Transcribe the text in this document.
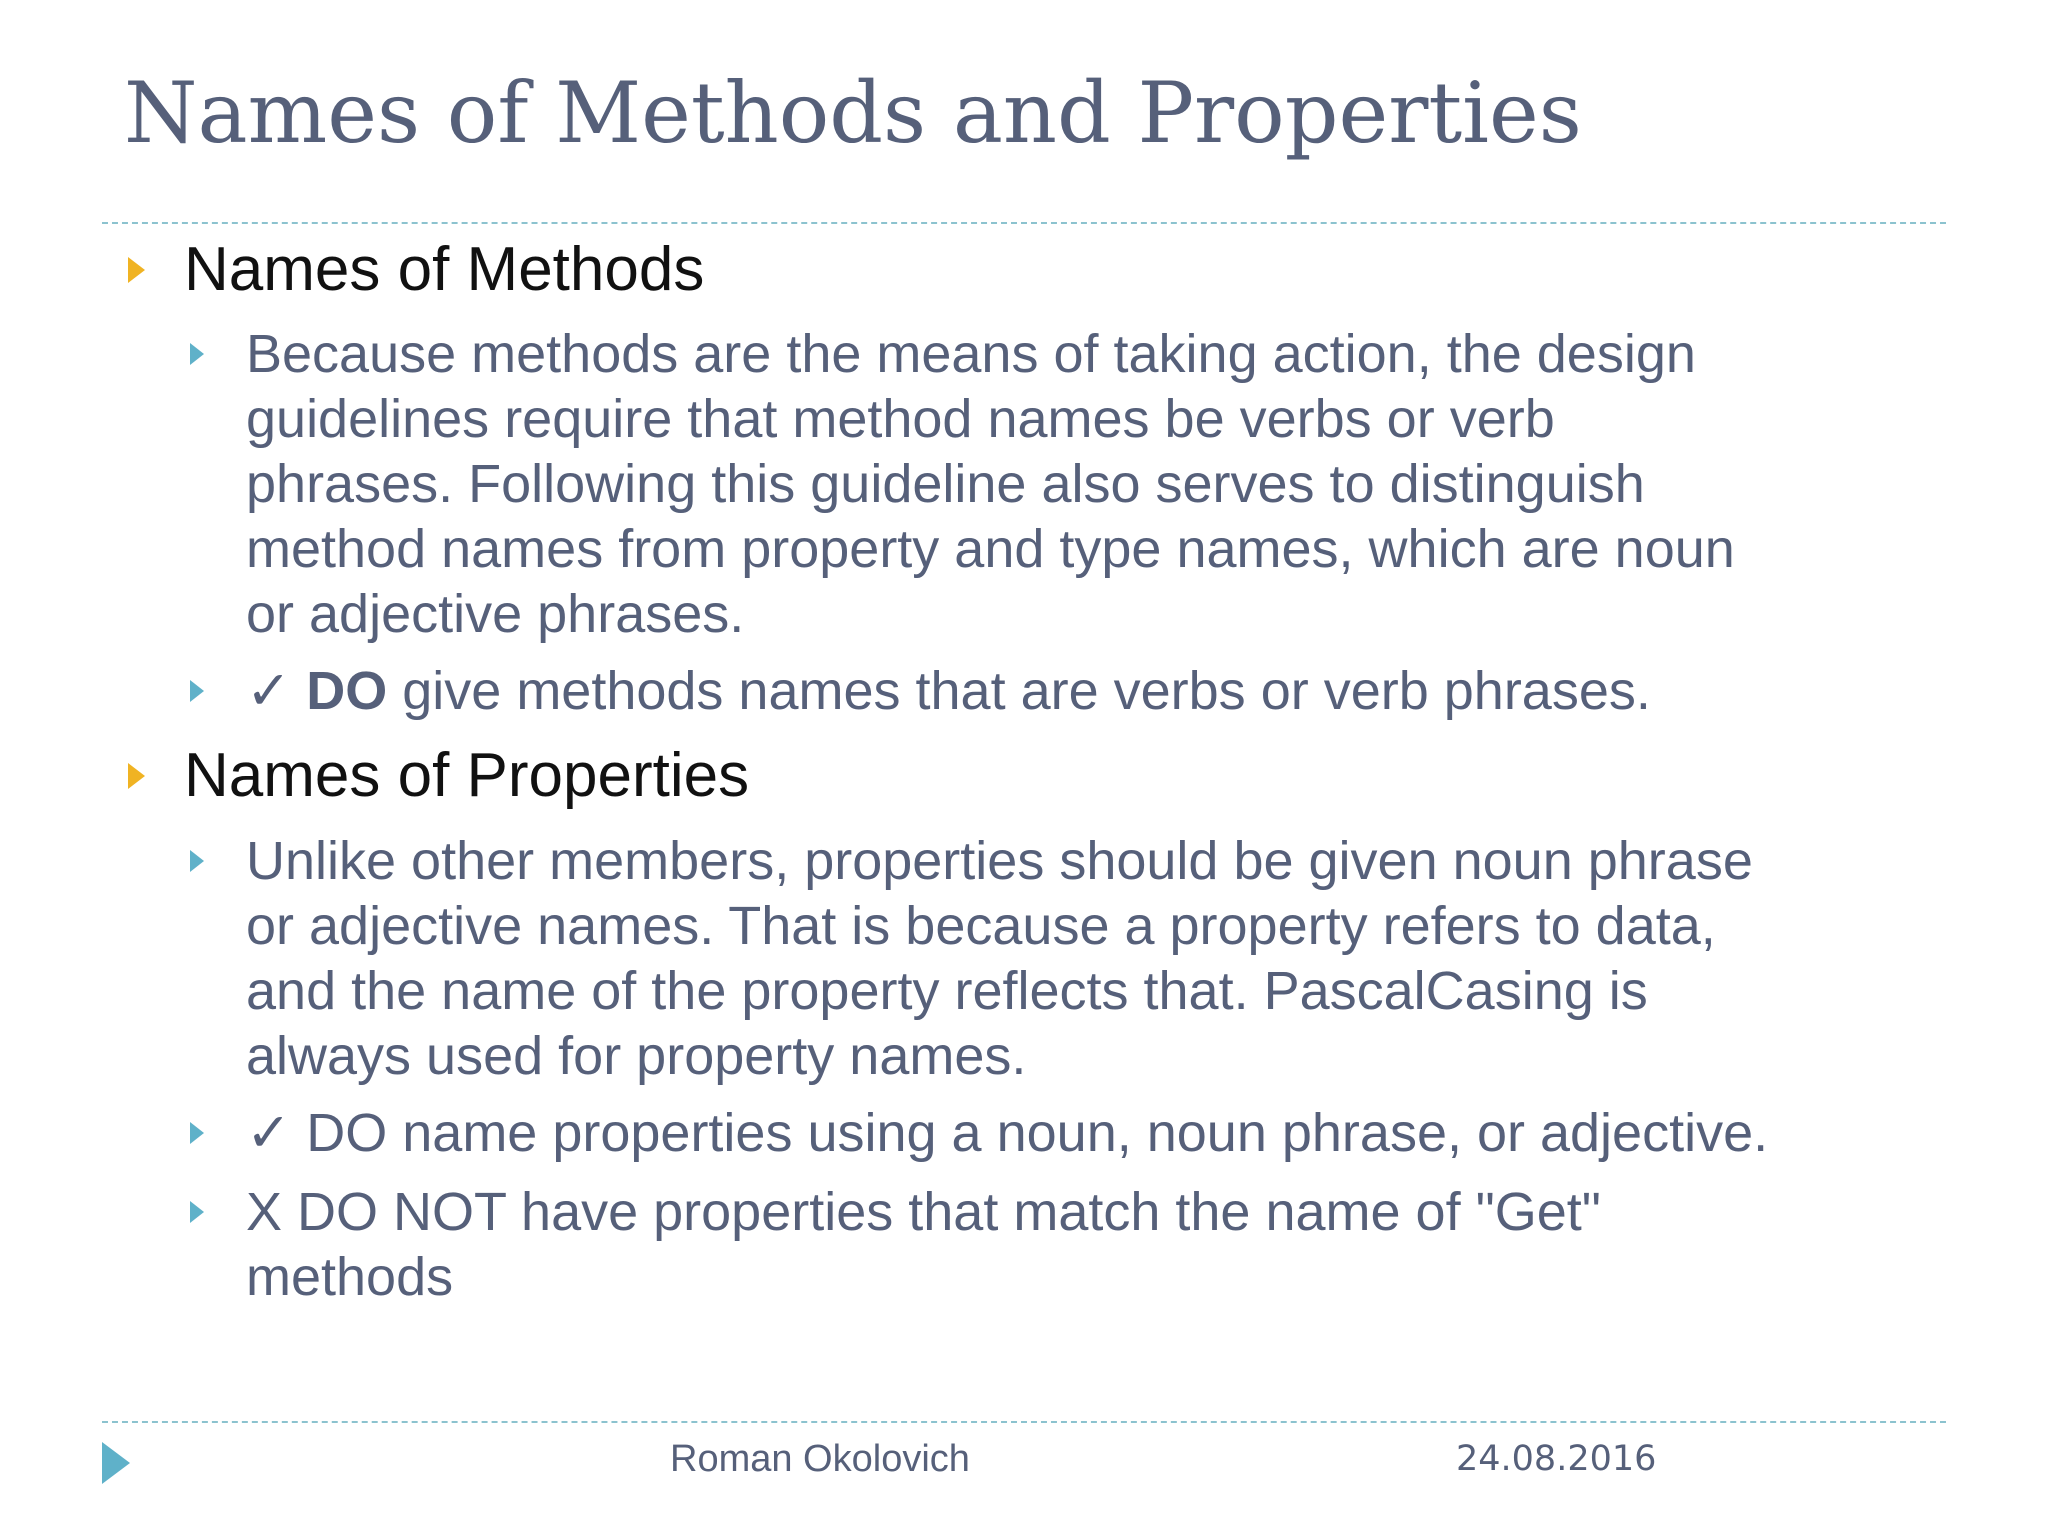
Names of Methods and Properties
Names of Methods
Because methods are the means of taking action, the design
guidelines require that method names be verbs or verb
phrases. Following this guideline also serves to distinguish
method names from property and type names, which are noun
or adjective phrases.
✓ DO give methods names that are verbs or verb phrases.
Names of Properties
Unlike other members, properties should be given noun phrase
or adjective names. That is because a property refers to data,
and the name of the property reflects that. PascalCasing is
always used for property names.
✓ DO name properties using a noun, noun phrase, or adjective.
X DO NOT have properties that match the name of "Get"
methods
Roman Okolovich	24.08.2016
